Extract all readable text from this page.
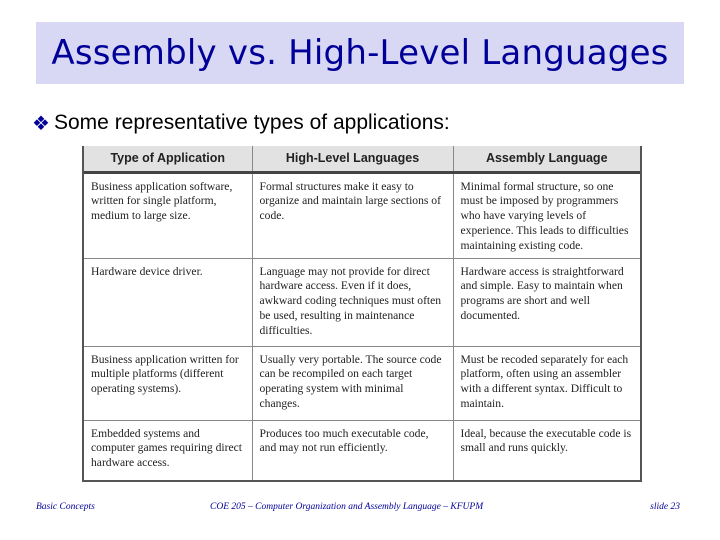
Assembly vs. High-Level Languages
❖ Some representative types of applications:
Type of Application	High-Level Languages	Assembly Language
Business application software, written for single platform, medium to large size.	Formal structures make it easy to organize and maintain large sections of code.	Minimal formal structure, so one must be imposed by programmers who have varying levels of experience. This leads to difficulties maintaining existing code.
Hardware device driver.	Language may not provide for direct hardware access. Even if it does, awkward coding techniques must often be used, resulting in maintenance difficulties.	Hardware access is straightforward and simple. Easy to maintain when programs are short and well documented.
Business application written for multiple platforms (different operating systems).	Usually very portable. The source code can be recompiled on each target operating system with minimal changes.	Must be recoded separately for each platform, often using an assembler with a different syntax. Difficult to maintain.
Embedded systems and computer games requiring direct hardware access.	Produces too much executable code, and may not run efficiently.	Ideal, because the executable code is small and runs quickly.
Basic Concepts	COE 205 – Computer Organization and Assembly Language – KFUPM	slide 23
